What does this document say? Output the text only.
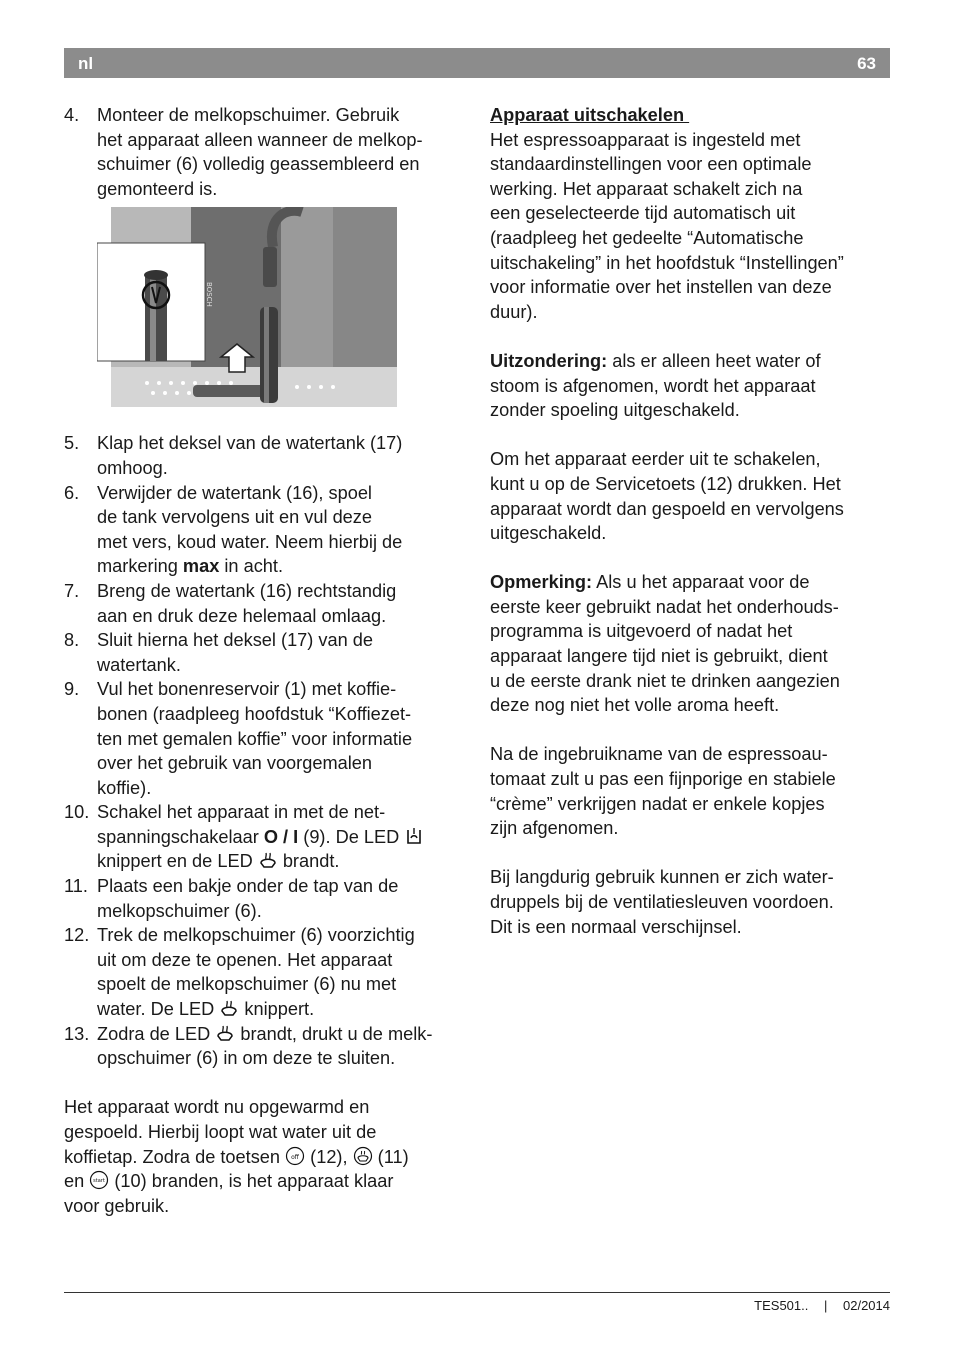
nl	63
4. Monteer de melkopschuimer. Gebruik
het apparaat alleen wanneer de melkop-
schuimer (6) volledig geassembleerd en
gemonteerd is.
BOSCH
5. Klap het deksel van de watertank (17)
omhoog.
6. Verwijder de watertank (16), spoel
de tank vervolgens uit en vul deze
met vers, koud water. Neem hierbij de
markering max in acht.
7. Breng de watertank (16) rechtstandig
aan en druk deze helemaal omlaag.
8. Sluit hierna het deksel (17) van de
watertank.
9. Vul het bonenreservoir (1) met koffie-
bonen (raadpleeg hoofdstuk “Koffiezet-
ten met gemalen koffie” voor informatie
over het gebruik van voorgemalen
koffie).
10. Schakel het apparaat in met de net-
spanningschakelaar O / I (9). De LED
knippert en de LED  brandt.
11. Plaats een bakje onder de tap van de
melkopschuimer (6).
12. Trek de melkopschuimer (6) voorzichtig
uit om deze te openen. Het apparaat
spoelt de melkopschuimer (6) nu met
water. De LED  knippert.
13. Zodra de LED  brandt, drukt u de melk-
opschuimer (6) in om deze te sluiten.
Het apparaat wordt nu opgewarmd en
gespoeld. Hierbij loopt wat water uit de
koffietap. Zodra de toetsen off (12),  (11)
en start (10) branden, is het apparaat klaar
voor gebruik.
Apparaat uitschakelen
Het espressoapparaat is ingesteld met
standaardinstellingen voor een optimale
werking. Het apparaat schakelt zich na
een geselecteerde tijd automatisch uit
(raadpleeg het gedeelte “Automatische
uitschakeling” in het hoofdstuk “Instellingen”
voor informatie over het instellen van deze
duur).
Uitzondering: als er alleen heet water of
stoom is afgenomen, wordt het apparaat
zonder spoeling uitgeschakeld.
Om het apparaat eerder uit te schakelen,
kunt u op de Servicetoets (12) drukken. Het
apparaat wordt dan gespoeld en vervolgens
uitgeschakeld.
Opmerking: Als u het apparaat voor de
eerste keer gebruikt nadat het onderhouds-
programma is uitgevoerd of nadat het
apparaat langere tijd niet is gebruikt, dient
u de eerste drank niet te drinken aangezien
deze nog niet het volle aroma heeft.
Na de ingebruikname van de espressoau-
tomaat zult u pas een fijnporige en stabiele
“crème” verkrijgen nadat er enkele kopjes
zijn afgenomen.
Bij langdurig gebruik kunnen er zich water-
druppels bij de ventilatiesleuven voordoen.
Dit is een normaal verschijnsel.
TES501.. | 02/2014
